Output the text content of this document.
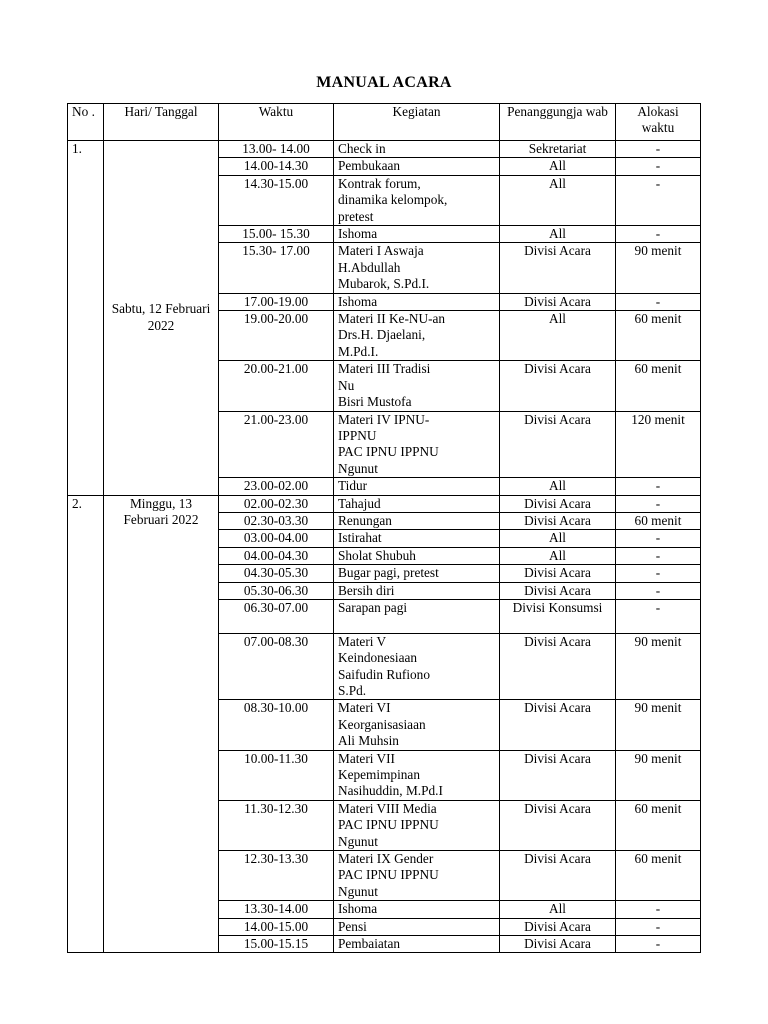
MANUAL ACARA
No .	Hari/ Tanggal	Waktu	Kegiatan	Penanggungja wab	Alokasi waktu
1.	Sabtu, 12 Februari 2022	13.00- 14.00	Check in	Sekretariat	-
		14.00-14.30	Pembukaan	All	-
		14.30-15.00	Kontrak forum,
dinamika kelompok,
pretest	All	-
		15.00- 15.30	Ishoma	All	-
		15.30- 17.00	Materi I Aswaja
H.Abdullah
Mubarok, S.Pd.I.	Divisi Acara	90 menit
		17.00-19.00	Ishoma	Divisi Acara	-
		19.00-20.00	Materi II Ke-NU-an
Drs.H. Djaelani,
M.Pd.I.	All	60 menit
		20.00-21.00	Materi III Tradisi
Nu
Bisri Mustofa	Divisi Acara	60 menit
		21.00-23.00	Materi IV IPNU-
IPPNU
PAC IPNU IPPNU
Ngunut	Divisi Acara	120 menit
		23.00-02.00	Tidur	All	-
2.	Minggu, 13 Februari 2022	02.00-02.30	Tahajud	Divisi Acara	-
		02.30-03.30	Renungan	Divisi Acara	60 menit
		03.00-04.00	Istirahat	All	-
		04.00-04.30	Sholat Shubuh	All	-
		04.30-05.30	Bugar pagi, pretest	Divisi Acara	-
		05.30-06.30	Bersih diri	Divisi Acara	-
		06.30-07.00	Sarapan pagi	Divisi Konsumsi	-
		07.00-08.30	Materi V
Keindonesiaan
Saifudin Rufiono
S.Pd.	Divisi Acara	90 menit
		08.30-10.00	Materi VI
Keorganisasiaan
Ali Muhsin	Divisi Acara	90 menit
		10.00-11.30	Materi VII
Kepemimpinan
Nasihuddin, M.Pd.I	Divisi Acara	90 menit
		11.30-12.30	Materi VIII Media
PAC IPNU IPPNU
Ngunut	Divisi Acara	60 menit
		12.30-13.30	Materi IX Gender
PAC IPNU IPPNU
Ngunut	Divisi Acara	60 menit
		13.30-14.00	Ishoma	All	-
		14.00-15.00	Pensi	Divisi Acara	-
		15.00-15.15	Pembaiatan	Divisi Acara	-
